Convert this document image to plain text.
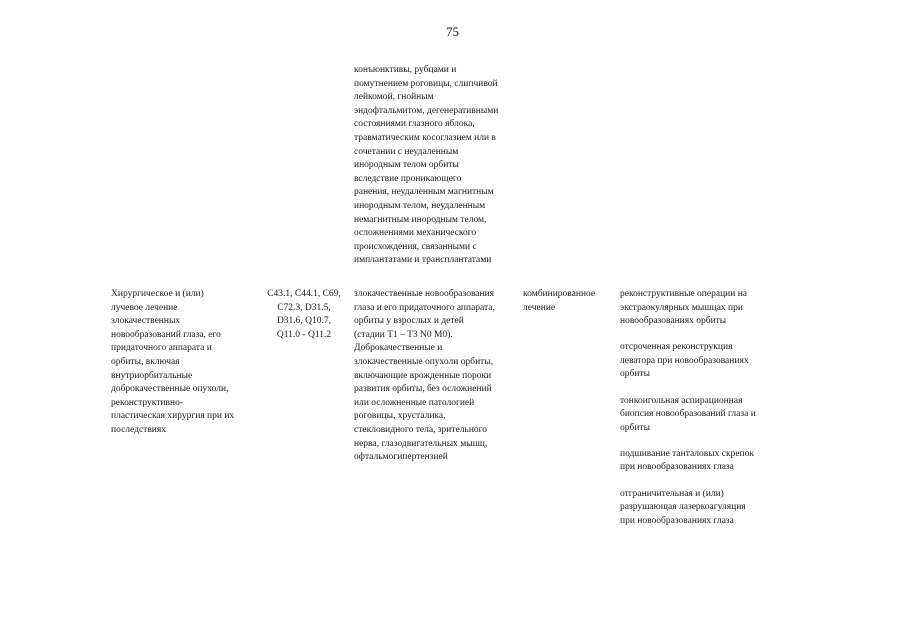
75
конъюнктивы, рубцами и
помутнением роговицы, слипчивой
лейкомой, гнойным
эндофтальмитом, дегенеративными
состояниями глазного яблока,
травматическим косоглазием или в
сочетании с неудаленным
инородным телом орбиты
вследствие проникающего
ранения, неудаленным магнитным
инородным телом, неудаленным
немагнитным инородным телом,
осложнениями механического
происхождения, связанными с
имплантатами и трансплантатами
Хирургическое и (или)
лучевое лечение
злокачественных
новообразований глаза, его
придаточного аппарата и
орбиты, включая
внутриорбитальные
доброкачественные опухоли,
реконструктивно-
пластическая хирургия при их
последствиях
C43.1, C44.1, C69,
C72.3, D31.5,
D31.6, Q10.7,
Q11.0 - Q11.2
злокачественные новообразования
глаза и его придаточного аппарата,
орбиты у взрослых и детей
(стадии T1 – T3 N0 M0).
Доброкачественные и
злокачественные опухоли орбиты,
включающие врожденные пороки
развития орбиты, без осложнений
или осложненные патологией
роговицы, хрусталика,
стекловидного тела, зрительного
нерва, глазодвигательных мышц,
офтальмогипертензией
комбинированное
лечение
реконструктивные операции на
экстраокулярных мышцах при
новообразованиях орбиты
отсроченная реконструкция
леватора при новообразованиях
орбиты
тонкоигольная аспирационная
биопсия новообразований глаза и
орбиты
подшивание танталовых скрепок
при новообразованиях глаза
отграничительная и (или)
разрушающая лазеркоагуляция
при новообразованиях глаза
